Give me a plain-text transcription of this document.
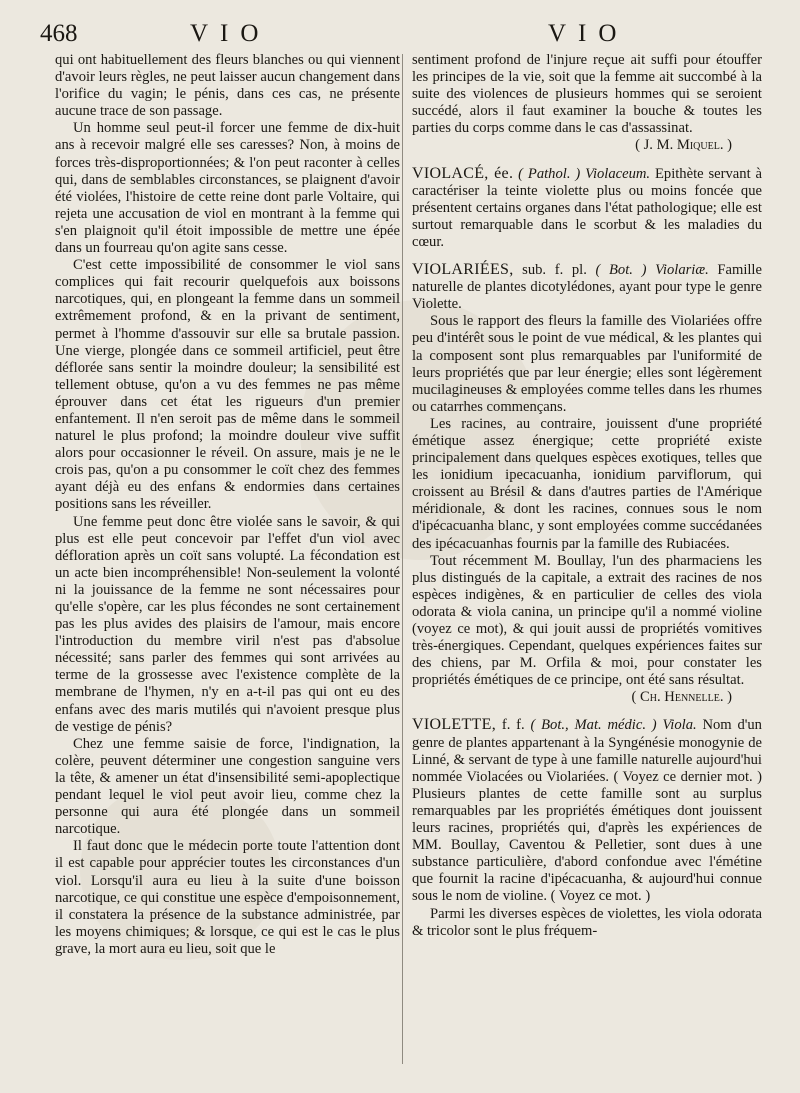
468	VIO	VIO

qui ont habituellement des fleurs blanches ou qui viennent d'avoir leurs règles, ne peut laisser aucun changement dans l'orifice du vagin; le pénis, dans ces cas, ne présente aucune trace de son passage.

Un homme seul peut-il forcer une femme de dix-huit ans à recevoir malgré elle ses caresses? Non, à moins de forces très-disproportionnées; & l'on peut raconter à celles qui, dans de semblables circonstances, se plaignent d'avoir été violées, l'histoire de cette reine dont parle Voltaire, qui rejeta une accusation de viol en montrant à la femme qui s'en plaignoit qu'il étoit impossible de mettre une épée dans un fourreau qu'on agite sans cesse.

C'est cette impossibilité de consommer le viol sans complices qui fait recourir quelquefois aux boissons narcotiques, qui, en plongeant la femme dans un sommeil extrêmement profond, & en la privant de sentiment, permet à l'homme d'assouvir sur elle sa brutale passion. Une vierge, plongée dans ce sommeil artificiel, peut être déflorée sans sentir la moindre douleur; la sensibilité est tellement obtuse, qu'on a vu des femmes ne pas même éprouver dans cet état les rigueurs d'un premier enfantement. Il n'en seroit pas de même dans le sommeil naturel le plus profond; la moindre douleur vive suffit alors pour occasionner le réveil. On assure, mais je ne le crois pas, qu'on a pu consommer le coït chez des femmes ayant déjà eu des enfans & endormies dans certaines positions sans les réveiller.

Une femme peut donc être violée sans le savoir, & qui plus est elle peut concevoir par l'effet d'un viol avec défloration après un coït sans volupté. La fécondation est un acte bien incompréhensible! Non-seulement la volonté ni la jouissance de la femme ne sont nécessaires pour qu'elle s'opère, car les plus fécondes ne sont certainement pas les plus avides des plaisirs de l'amour, mais encore l'introduction du membre viril n'est pas d'absolue nécessité; sans parler des femmes qui sont arrivées au terme de la grossesse avec l'existence complète de la membrane de l'hymen, n'y en a-t-il pas qui ont eu des enfans avec des maris mutilés qui n'avoient presque plus de vestige de pénis?

Chez une femme saisie de force, l'indignation, la colère, peuvent déterminer une congestion sanguine vers la tête, & amener un état d'insensibilité semi-apoplectique pendant lequel le viol peut avoir lieu, comme chez la personne qui aura été plongée dans un sommeil narcotique.

Il faut donc que le médecin porte toute l'attention dont il est capable pour apprécier toutes les circonstances d'un viol. Lorsqu'il aura eu lieu à la suite d'une boisson narcotique, ce qui constitue une espèce d'empoisonnement, il constatera la présence de la substance administrée, par les moyens chimiques; & lorsque, ce qui est le cas le plus grave, la mort aura eu lieu, soit que le

sentiment profond de l'injure reçue ait suffi pour étouffer les principes de la vie, soit que la femme ait succombé à la suite des violences de plusieurs hommes qui se seroient succédé, alors il faut examiner la bouche & toutes les parties du corps comme dans le cas d'assassinat.

( J. M. Miquel. )

VIOLACÉ, ée. ( Pathol. ) Violaceum. Epithète servant à caractériser la teinte violette plus ou moins foncée que présentent certains organes dans l'état pathologique; elle est surtout remarquable dans le scorbut & les maladies du cœur.

VIOLARIÉES, sub. f. pl. ( Bot. ) Violariæ. Famille naturelle de plantes dicotylédones, ayant pour type le genre Violette.

Sous le rapport des fleurs la famille des Violariées offre peu d'intérêt sous le point de vue médical, & les plantes qui la composent sont plus remarquables par l'uniformité de leurs propriétés que par leur énergie; elles sont légèrement mucilagineuses & employées comme telles dans les rhumes ou catarrhes commençans.

Les racines, au contraire, jouissent d'une propriété émétique assez énergique; cette propriété existe principalement dans quelques espèces exotiques, telles que les ionidium ipecacuanha, ionidium parviflorum, qui croissent au Brésil & dans d'autres parties de l'Amérique méridionale, & dont les racines, connues sous le nom d'ipécacuanha blanc, y sont employées comme succédanées des ipécacuanhas fournis par la famille des Rubiacées.

Tout récemment M. Boullay, l'un des pharmaciens les plus distingués de la capitale, a extrait des racines de nos espèces indigènes, & en particulier de celles des viola odorata & viola canina, un principe qu'il a nommé violine (voyez ce mot), & qui jouit aussi de propriétés vomitives très-énergiques. Cependant, quelques expériences faites sur des chiens, par M. Orfila & moi, pour constater les propriétés émétiques de ce principe, ont été sans résultat.

( Ch. Hennelle. )

VIOLETTE, f. f. ( Bot., Mat. médic. ) Viola. Nom d'un genre de plantes appartenant à la Syngénésie monogynie de Linné, & servant de type à une famille naturelle aujourd'hui nommée Violacées ou Violariées. ( Voyez ce dernier mot. ) Plusieurs plantes de cette famille sont au surplus remarquables par les propriétés émétiques dont jouissent leurs racines, propriétés qui, d'après les expériences de MM. Boullay, Caventou & Pelletier, sont dues à une substance particulière, d'abord confondue avec l'émétine que fournit la racine d'ipécacuanha, & aujourd'hui connue sous le nom de violine. ( Voyez ce mot. )

Parmi les diverses espèces de violettes, les viola odorata & tricolor sont le plus fréquem-
